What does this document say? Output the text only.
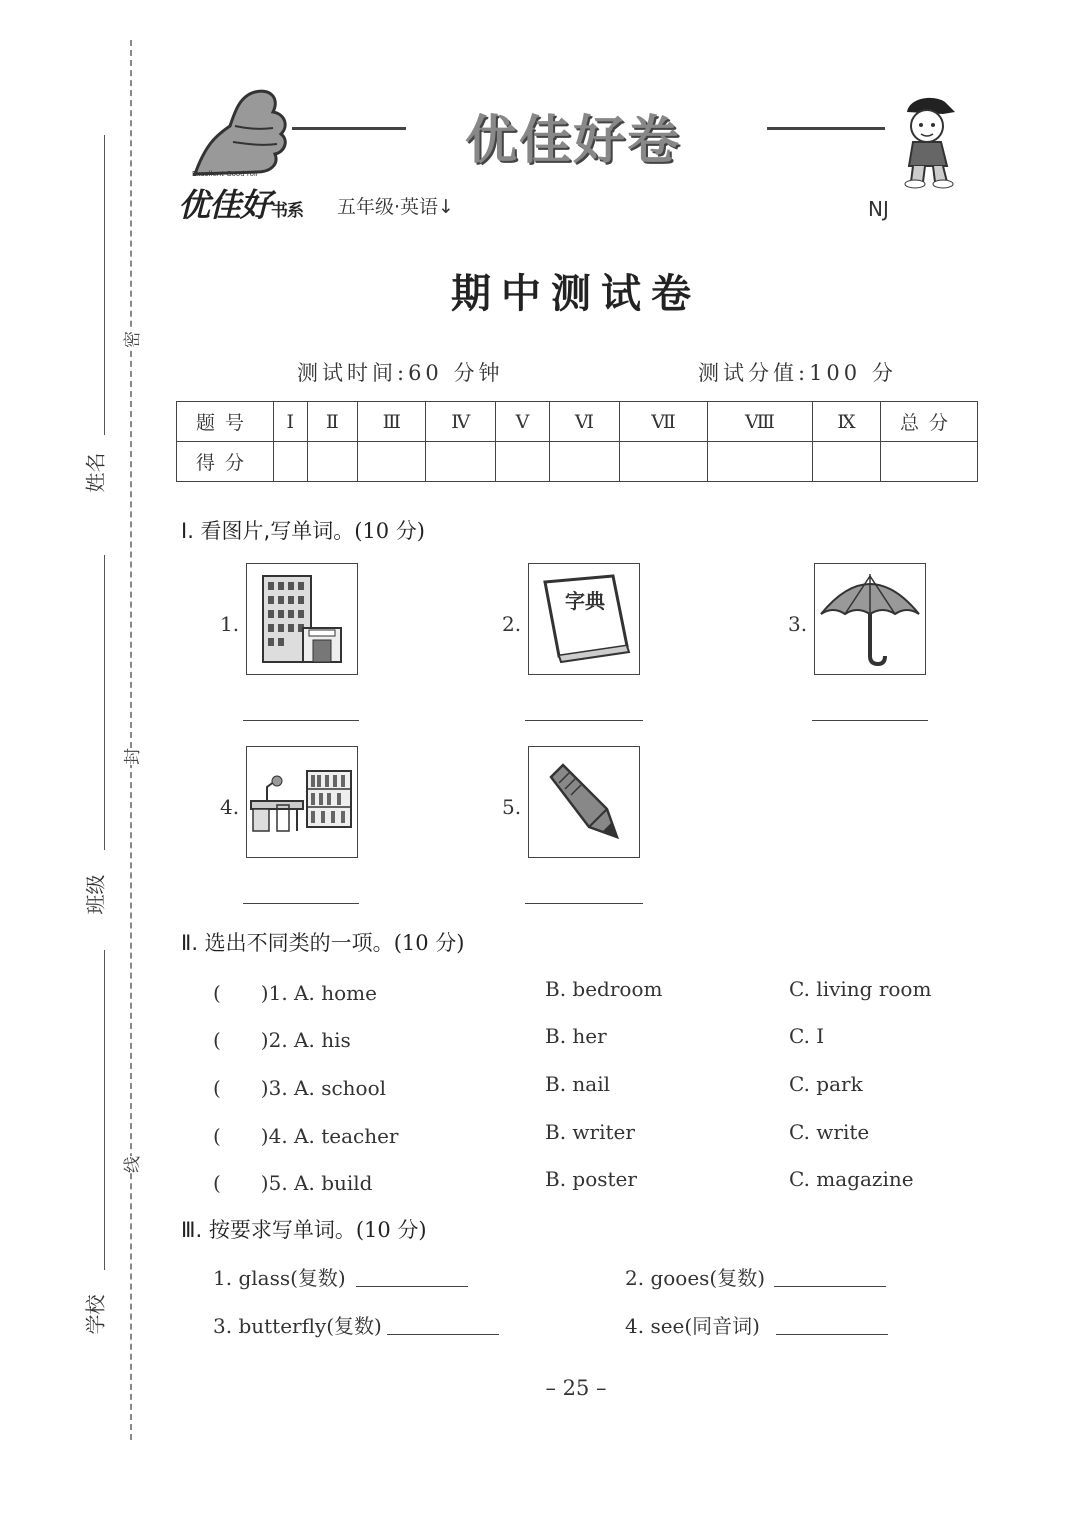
姓名
班级
学校
密
封
线
Excellent Good roll
优佳好书系 五年级·英语↓
优佳好卷
NJ
期中测试卷
测试时间:60 分钟	测试分值:100 分
题号	Ⅰ	Ⅱ	Ⅲ	Ⅳ	Ⅴ	Ⅵ	Ⅶ	Ⅷ	Ⅸ	总分
得分										
Ⅰ. 看图片,写单词。(10 分)
1.	2.
字典
3.
4.	5.
Ⅱ. 选出不同类的一项。(10 分)
(　　)1. A. home	B. bedroom	C. living room
(　　)2. A. his	B. her	C. I
(　　)3. A. school	B. nail	C. park
(　　)4. A. teacher	B. writer	C. write
(　　)5. A. build	B. poster	C. magazine
Ⅲ. 按要求写单词。(10 分)
1. glass(复数)	2. gooes(复数)
3. butterfly(复数)	4. see(同音词)
– 25 –
